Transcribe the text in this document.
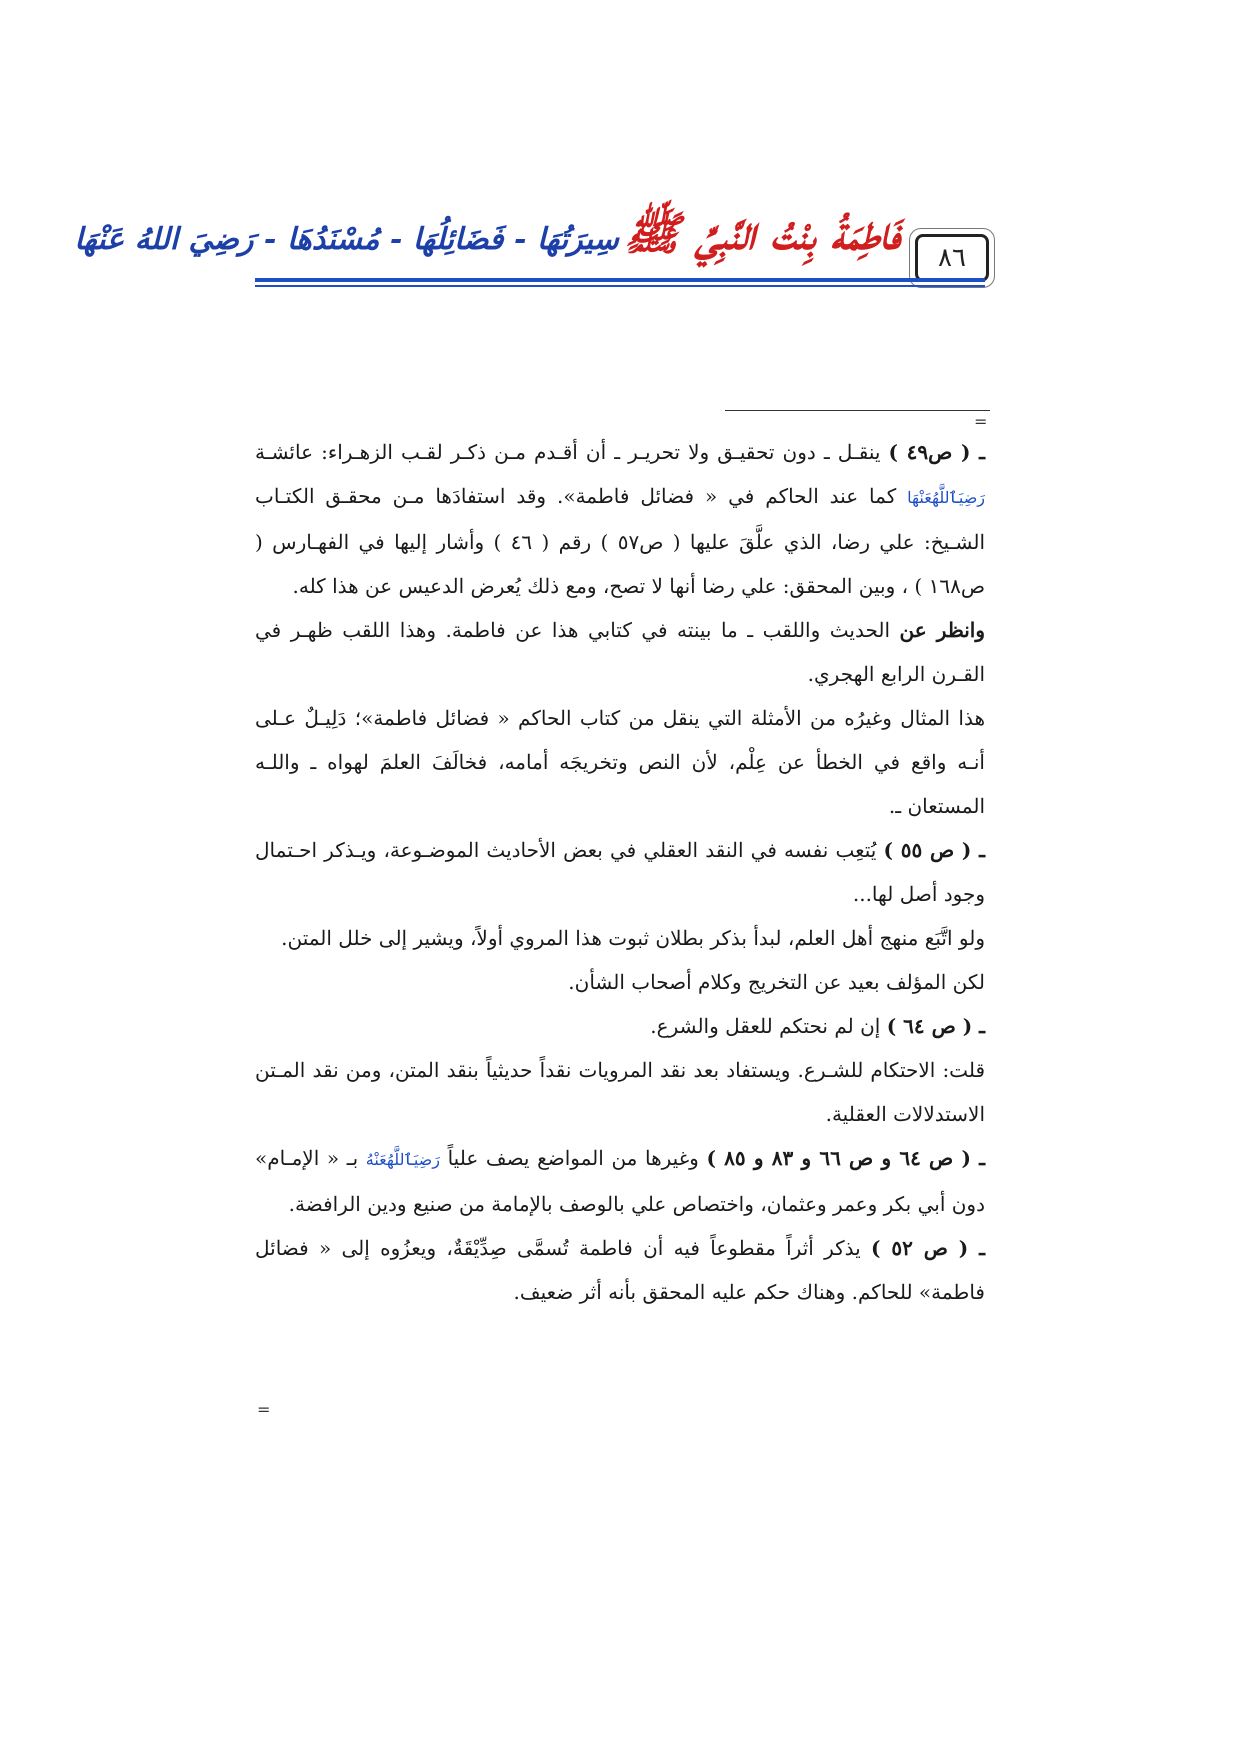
٨٦
فَاطِمَةُ بِنْتُ النَّبِيِّ ﷺ سِيرَتُهَا - فَضَائِلُهَا - مُسْنَدُهَا - رَضِيَ اللهُ عَنْهَا
=

ـ ( ص٤٩ ) ينقـل ـ دون تحقيـق ولا تحريـر ـ أن أقـدم مـن ذكـر لقـب الزهـراء: عائشـة رَضِيَٱللَّهُعَنْهَا كما عند الحاكم في « فضائل فاطمة». وقد استفادَها مـن محقـق الكتـاب الشـيخ: علي رضا، الذي علَّقَ عليها ( ص٥٧ ) رقم ( ٤٦ ) وأشار إليها في الفهـارس ( ص١٦٨ ) ، وبين المحقق: علي رضا أنها لا تصح، ومع ذلك يُعرض الدعيس عن هذا كله.

وانظر عن الحديث واللقب ـ ما بينته في كتابي هذا عن فاطمة. وهذا اللقب ظهـر في القـرن الرابع الهجري.

هذا المثال وغيرُه من الأمثلة التي ينقل من كتاب الحاكم « فضائل فاطمة»؛ دَلِيـلٌ عـلى أنـه واقع في الخطأ عن عِلْم، لأن النص وتخريجَه أمامه، فخالَفَ العلمَ لهواه ـ واللـه المستعان ـ.

ـ ( ص ٥٥ ) يُتعِب نفسه في النقد العقلي في بعض الأحاديث الموضـوعة، ويـذكر احـتمال وجود أصل لها...

ولو اتَّبَع منهج أهل العلم، لبدأ بذكر بطلان ثبوت هذا المروي أولاً، ويشير إلى خلل المتن.

لكن المؤلف بعيد عن التخريج وكلام أصحاب الشأن.

ـ ( ص ٦٤ ) إن لم نحتكم للعقل والشرع.

قلت: الاحتكام للشـرع. ويستفاد بعد نقد المرويات نقداً حديثياً بنقد المتن، ومن نقد المـتن الاستدلالات العقلية.

ـ ( ص ٦٤ و ص ٦٦ و ٨٣ و ٨٥ ) وغيرها من المواضع يصف علياً رَضِيَٱللَّهُعَنْهُ بـ « الإمـام» دون أبي بكر وعمر وعثمان، واختصاص علي بالوصف بالإمامة من صنيع ودين الرافضة.

ـ ( ص ٥٢ ) يذكر أثراً مقطوعاً فيه أن فاطمة تُسمَّى صِدِّيْقَةٌ، ويعزُوه إلى « فضائل فاطمة» للحاكم. وهناك حكم عليه المحقق بأنه أثر ضعيف.

=
